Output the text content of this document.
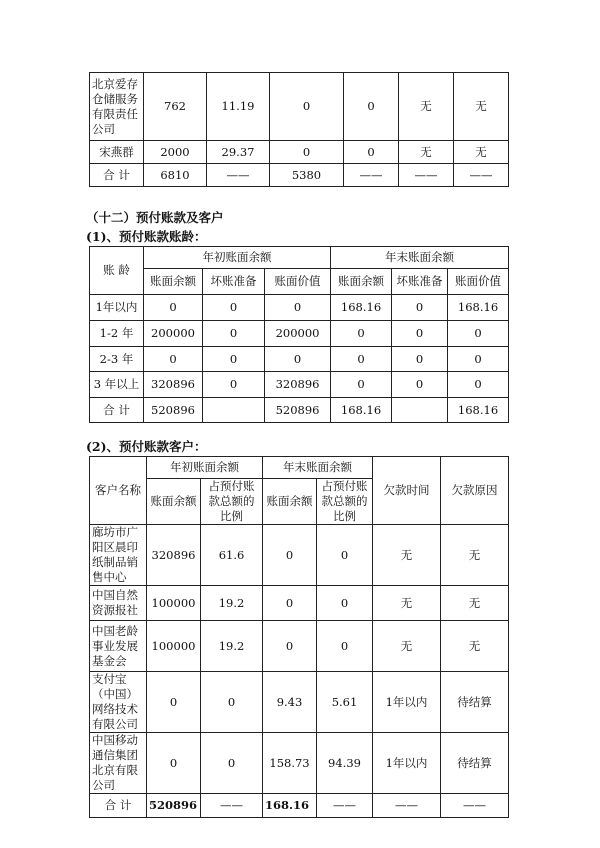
北京爱存仓储服务有限责任公司	762	11.19	0	0	无	无
宋燕群	2000	29.37	0	0	无	无
合 计	6810	——	5380	——	——	——
（十二）预付账款及客户
(1)、预付账款账龄：
账 龄	年初账面余额			年末账面余额		
	账面余额	坏账准备	账面价值	账面余额	坏账准备	账面价值
1年以内	0	0	0	168.16	0	168.16
1-2 年	200000	0	200000	0	0	0
2-3 年	0	0	0	0	0	0
3 年以上	320896	0	320896	0	0	0
合 计	520896		520896	168.16		168.16
(2)、预付账款客户：
客户名称	年初账面余额		年末账面余额		欠款时间	欠款原因
	账面余额	占预付账款总额的比例	账面余额	占预付账款总额的比例		
廊坊市广阳区晨印纸制品销售中心	320896	61.6	0	0	无	无
中国自然资源报社	100000	19.2	0	0	无	无
中国老龄事业发展基金会	100000	19.2	0	0	无	无
支付宝（中国）网络技术有限公司	0	0	9.43	5.61	1年以内	待结算
中国移动通信集团北京有限公司	0	0	158.73	94.39	1年以内	待结算
合 计	520896	——	168.16	——	——	——
